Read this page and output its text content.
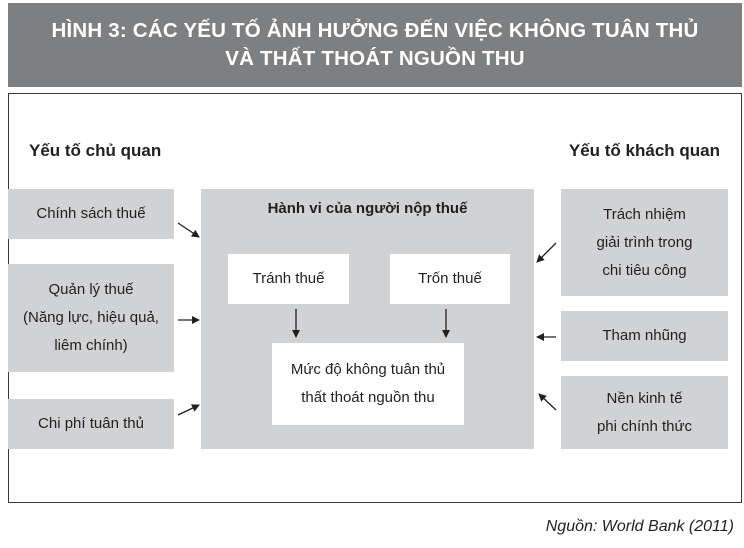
HÌNH 3: CÁC YẾU TỐ ẢNH HƯỞNG ĐẾN VIỆC KHÔNG TUÂN THỦ
VÀ THẤT THOÁT NGUỒN THU
Yếu tố chủ quan	Yếu tố khách quan
Chính sách thuế
Quản lý thuế
(Năng lực, hiệu quả,
liêm chính)
Chi phí tuân thủ
Trách nhiệm
giải trình trong
chi tiêu công
Tham nhũng
Nền kinh tế
phi chính thức
Hành vi của người nộp thuế
Tránh thuế	Trốn thuế
Mức độ không tuân thủ
thất thoát nguồn thu
Nguồn: World Bank (2011)
